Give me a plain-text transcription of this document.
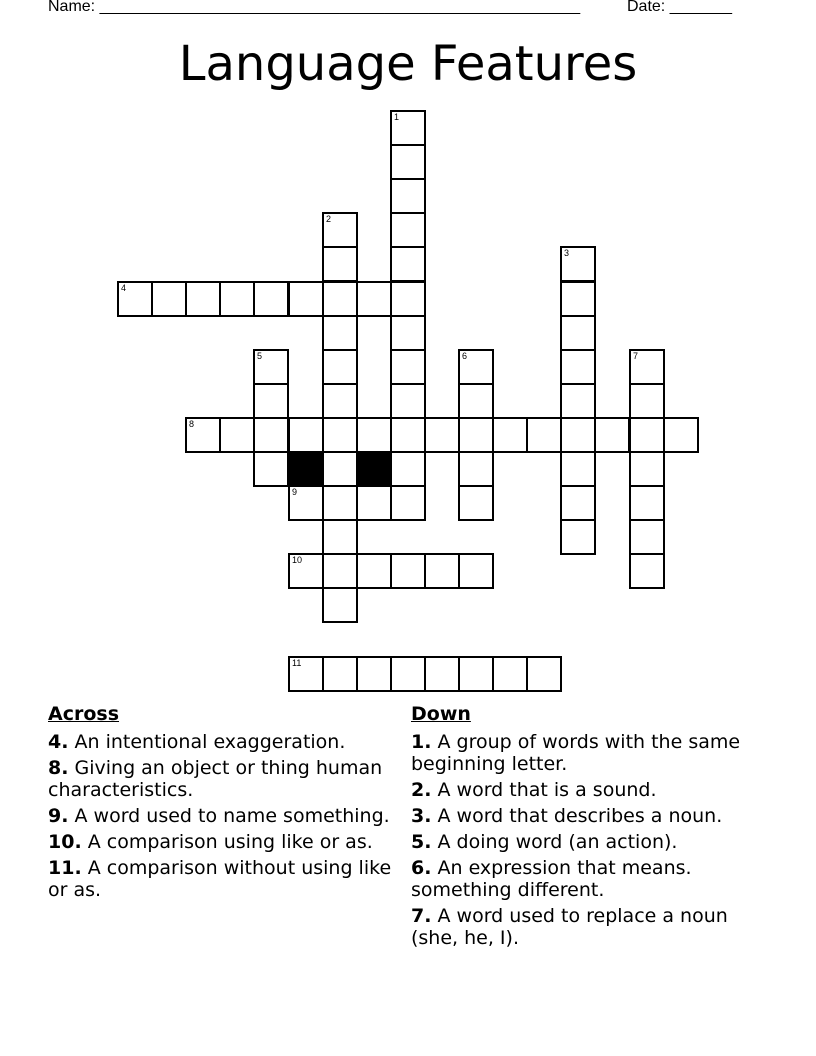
Name: ______________________________________________________	Date: _______
Language Features
1
2
3
4
5	6	7
8
9
10
11
Across
4. An intentional exaggeration.
8. Giving an object or thing human characteristics.
9. A word used to name something.
10. A comparison using like or as.
11. A comparison without using like or as.
Down
1. A group of words with the same beginning letter.
2. A word that is a sound.
3. A word that describes a noun.
5. A doing word (an action).
6. An expression that means. something different.
7. A word used to replace a noun (she, he, I).
